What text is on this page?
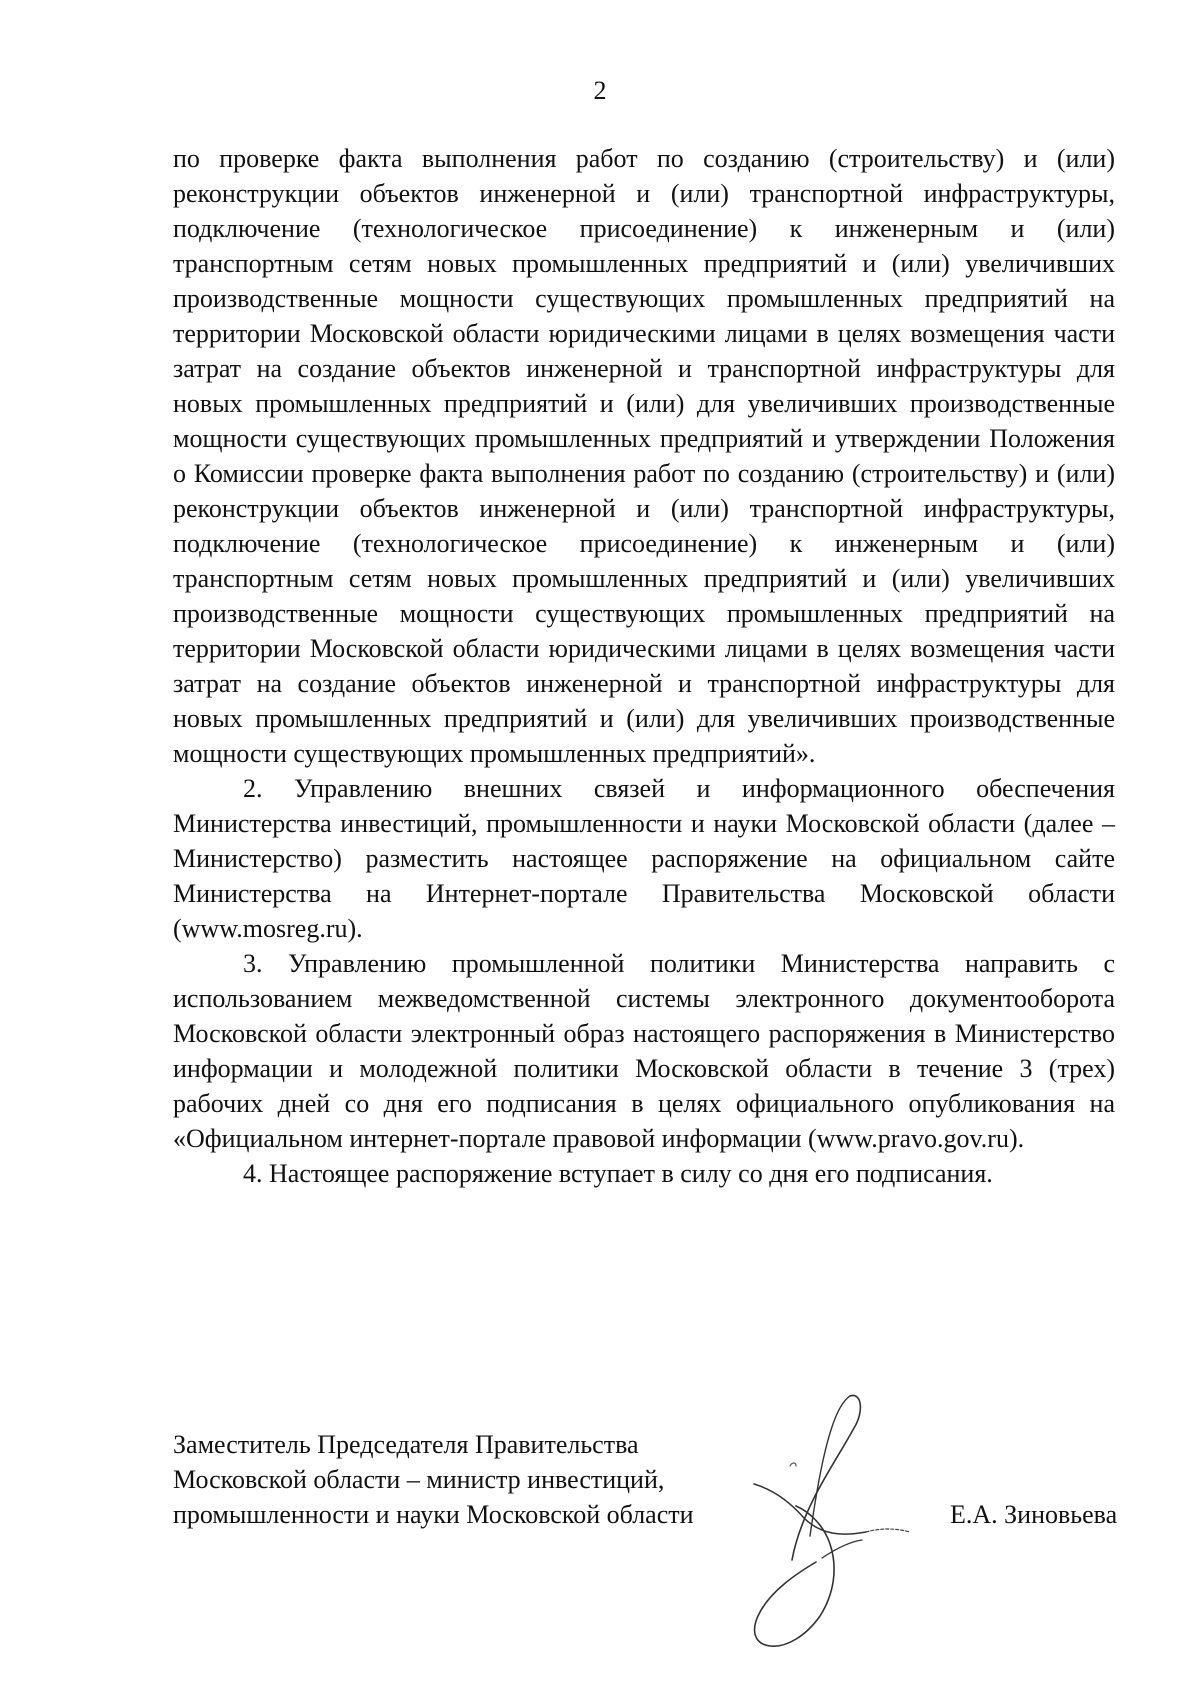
2

по проверке факта выполнения работ по созданию (строительству) и (или) реконструкции объектов инженерной и (или) транспортной инфраструктуры, подключение (технологическое присоединение) к инженерным и (или) транспортным сетям новых промышленных предприятий и (или) увеличивших производственные мощности существующих промышленных предприятий на территории Московской области юридическими лицами в целях возмещения части затрат на создание объектов инженерной и транспортной инфраструктуры для новых промышленных предприятий и (или) для увеличивших производственные мощности существующих промышленных предприятий и утверждении Положения о Комиссии проверке факта выполнения работ по созданию (строительству) и (или) реконструкции объектов инженерной и (или) транспортной инфраструктуры, подключение (технологическое присоединение) к инженерным и (или) транспортным сетям новых промышленных предприятий и (или) увеличивших производственные мощности существующих промышленных предприятий на территории Московской области юридическими лицами в целях возмещения части затрат на создание объектов инженерной и транспортной инфраструктуры для новых промышленных предприятий и (или) для увеличивших производственные мощности существующих промышленных предприятий».

2. Управлению внешних связей и информационного обеспечения Министерства инвестиций, промышленности и науки Московской области (далее – Министерство) разместить настоящее распоряжение на официальном сайте Министерства на Интернет-портале Правительства Московской области (www.mosreg.ru).

3. Управлению промышленной политики Министерства направить с использованием межведомственной системы электронного документооборота Московской области электронный образ настоящего распоряжения в Министерство информации и молодежной политики Московской области в течение 3 (трех) рабочих дней со дня его подписания в целях официального опубликования на «Официальном интернет-портале правовой информации (www.pravo.gov.ru).

4. Настоящее распоряжение вступает в силу со дня его подписания.

Заместитель Председателя Правительства
Московской области – министр инвестиций,
промышленности и науки Московской области	Е.А. Зиновьева
